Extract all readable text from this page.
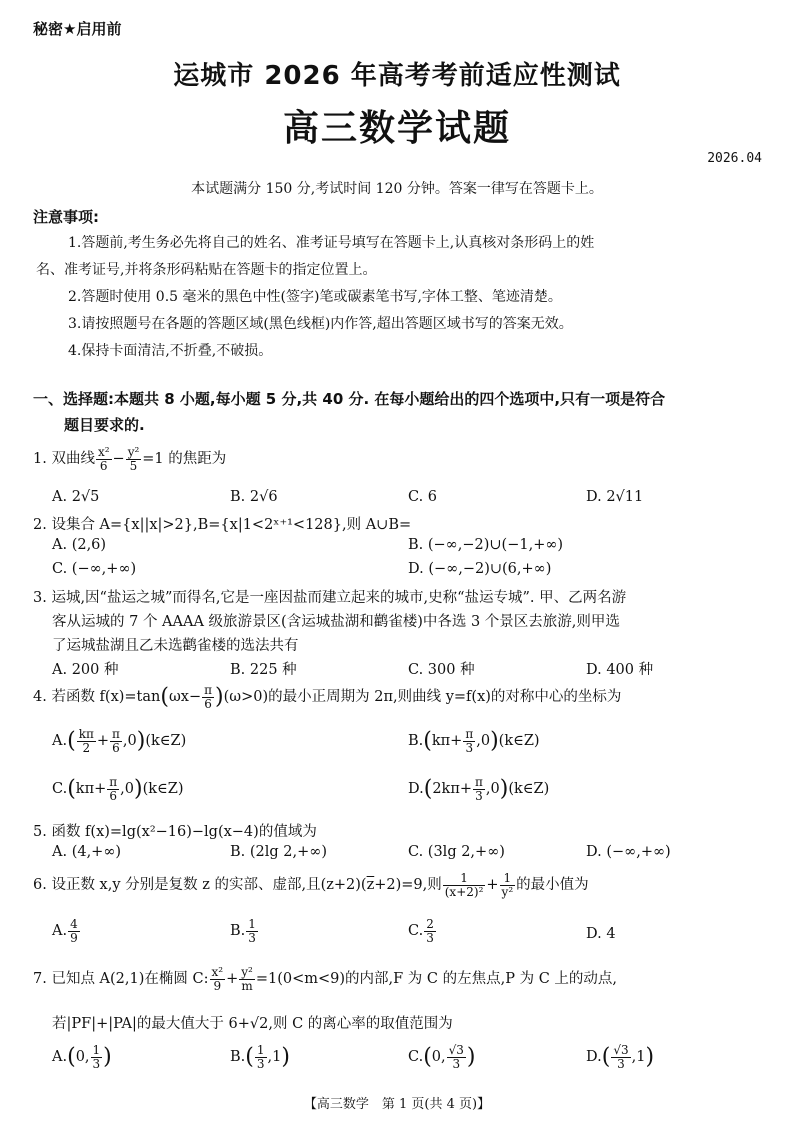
秘密★启用前
运城市 2026 年高考考前适应性测试
高三数学试题
2026.04
本试题满分 150 分,考试时间 120 分钟。答案一律写在答题卡上。
注意事项:
1.答题前,考生务必先将自己的姓名、准考证号填写在答题卡上,认真核对条形码上的姓
名、准考证号,并将条形码粘贴在答题卡的指定位置上。
2.答题时使用 0.5 毫米的黑色中性(签字)笔或碳素笔书写,字体工整、笔迹清楚。
3.请按照题号在各题的答题区域(黑色线框)内作答,超出答题区域书写的答案无效。
4.保持卡面清洁,不折叠,不破损。
一、选择题:本题共 8 小题,每小题 5 分,共 40 分. 在每小题给出的四个选项中,只有一项是符合
题目要求的.
1. 双曲线 $\frac{\text{x²}}{6} - \frac{\text{y²}}{5} =1$ 的焦距为
A. 2√5	B. 2√6	C. 6	D. 2√11
2. 设集合 A={x||x|>2},B={x|1<2ˣ⁺¹<128},则 A∪B=
A. (2,6)	B. (−∞,−2)∪(−1,+∞)
C. (−∞,+∞)	D. (−∞,−2)∪(6,+∞)
3. 运城,因“盐运之城”而得名,它是一座因盐而建立起来的城市,史称“盐运专城”. 甲、乙两名游
客从运城的 7 个 AAAA 级旅游景区(含运城盐湖和鹳雀楼)中各选 3 个景区去旅游,则甲选
了运城盐湖且乙未选鹳雀楼的选法共有
A. 200 种	B. 225 种	C. 300 种	D. 400 种
4. 若函数 $f(x)=\tan(\omega x- \frac{\pi}{6} )(\omega>0)$的最小正周期为 2π,则曲线 y=f(x)的对称中心的坐标为
$A.( \frac{k\pi}{2} + \frac{\pi}{6}$ ,0)(k∈Z)	$B.(k\pi+ \frac{\pi}{3}$ ,0)(k∈Z)
$C.(k\pi+ \frac{\pi}{6}$ ,0)(k∈Z)	$D.(2k\pi+ \frac{\pi}{3}$ ,0)(k∈Z)
5. 函数 f(x)=lg(x²−16)−lg(x−4)的值域为
A. (4,+∞)	B. (2lg 2,+∞)	C. (3lg 2,+∞)	D. (−∞,+∞)
6. 设正数 x,y 分别是复数 z 的实部、虚部,且$(z+2)(\overline{z}+2)=9$,则 $\frac{1}{\text{(x+2)²}} + \frac{1}{\text{y²}}$ 的最小值为
A. $\frac{4}{9}$	B. $\frac{1}{3}$	C. $\frac{2}{3}$	D. 4
7. 已知点 A(2,1)在椭圆 C: $\frac{\text{x²}}{9} + \frac{\text{y²}}{m} =1(0<m<9)$的内部,F 为 C 的左焦点,P 为 C 上的动点,
若|PF|+|PA|的最大值大于 6+√2,则 C 的离心率的取值范围为
A.(0, $\frac{1}{3}$ )	$B.( \frac{1}{3} ,1)$	C.(0, $\frac{√3}{3}$ )	$D.( \frac{√3}{3} ,1)$
【高三数学　第 1 页(共 4 页)】
